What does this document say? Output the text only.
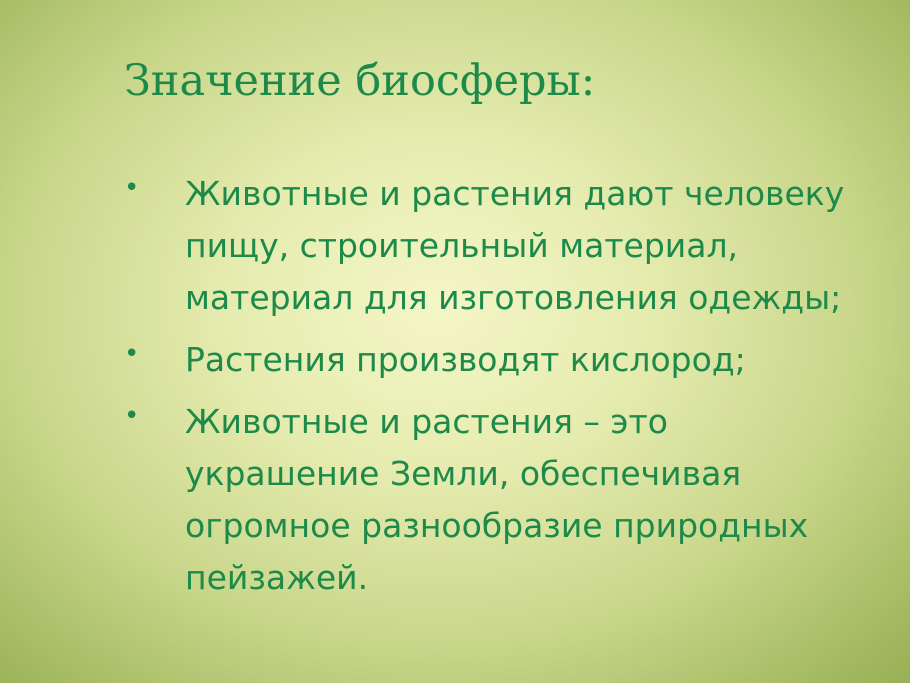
Значение биосферы:
• Животные и растения дают человеку пищу, строительный материал, материал для изготовления одежды;
• Растения производят кислород;
• Животные и растения – это украшение Земли, обеспечивая огромное разнообразие природных пейзажей.
